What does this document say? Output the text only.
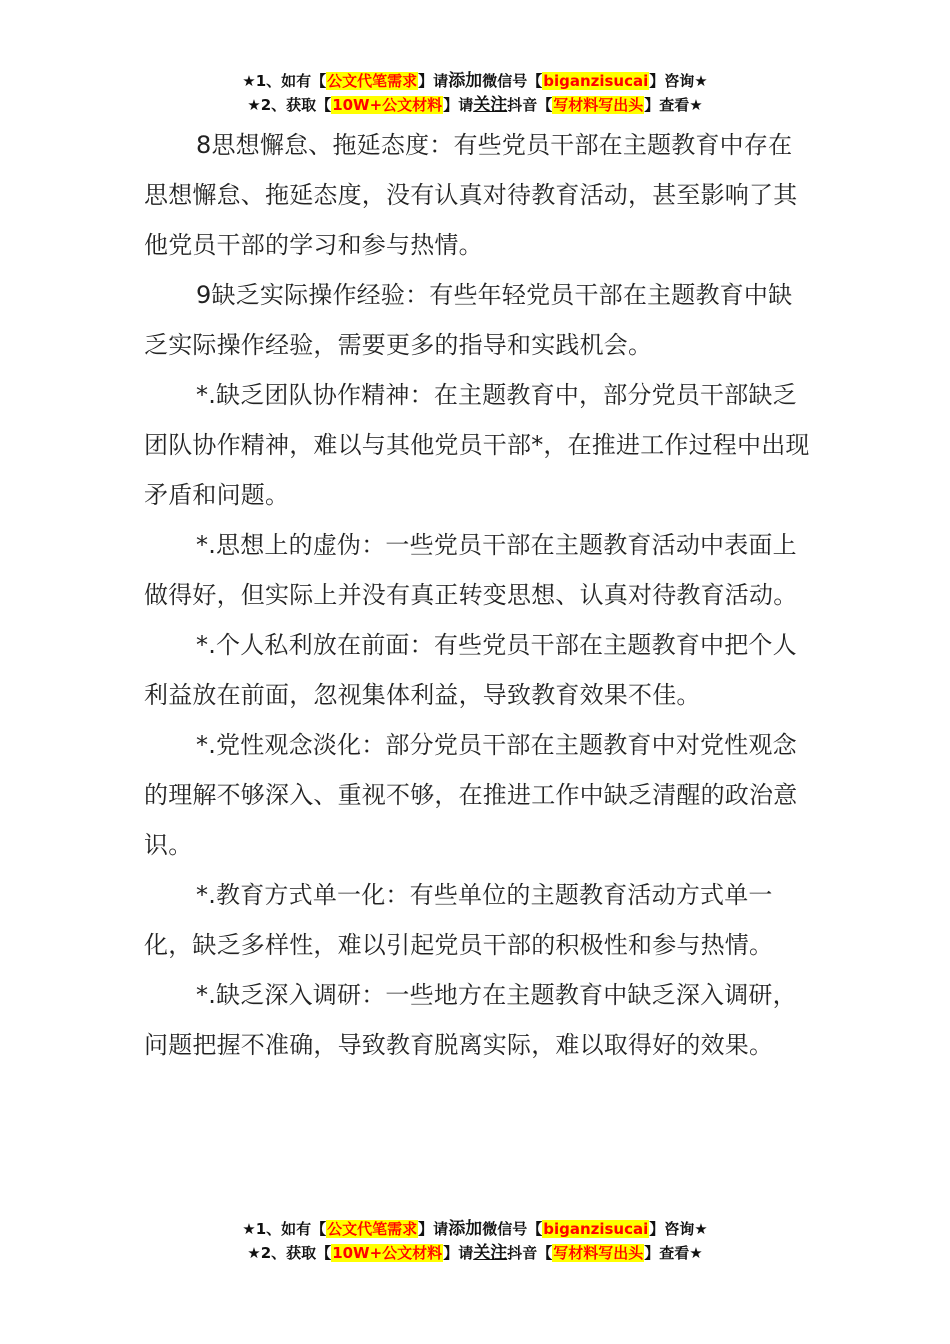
★1、如有【公文代笔需求】请添加微信号【biganzisucai】咨询★
★2、获取【10W+公文材料】请关注抖音【写材料写出头】查看★

8思想懈怠、拖延态度：有些党员干部在主题教育中存在思想懈怠、拖延态度，没有认真对待教育活动，甚至影响了其他党员干部的学习和参与热情。

9缺乏实际操作经验：有些年轻党员干部在主题教育中缺乏实际操作经验，需要更多的指导和实践机会。

*.缺乏团队协作精神：在主题教育中，部分党员干部缺乏团队协作精神，难以与其他党员干部*，在推进工作过程中出现矛盾和问题。

*.思想上的虚伪：一些党员干部在主题教育活动中表面上做得好，但实际上并没有真正转变思想、认真对待教育活动。

*.个人私利放在前面：有些党员干部在主题教育中把个人利益放在前面，忽视集体利益，导致教育效果不佳。

*.党性观念淡化：部分党员干部在主题教育中对党性观念的理解不够深入、重视不够，在推进工作中缺乏清醒的政治意识。

*.教育方式单一化：有些单位的主题教育活动方式单一化，缺乏多样性，难以引起党员干部的积极性和参与热情。

*.缺乏深入调研：一些地方在主题教育中缺乏深入调研，问题把握不准确，导致教育脱离实际，难以取得好的效果。

★1、如有【公文代笔需求】请添加微信号【biganzisucai】咨询★
★2、获取【10W+公文材料】请关注抖音【写材料写出头】查看★
